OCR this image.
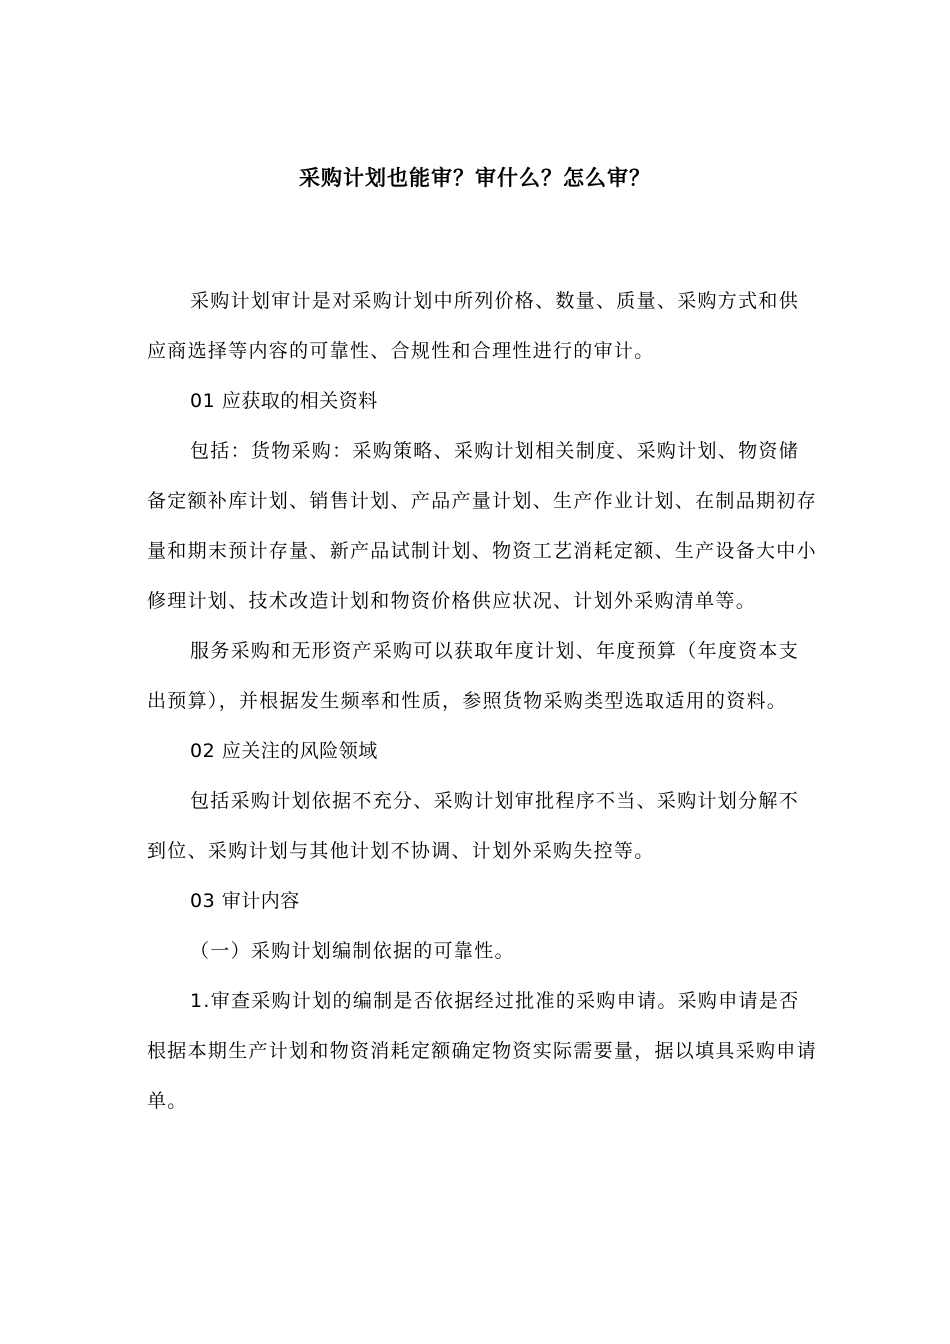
采购计划也能审？审什么？怎么审？

采购计划审计是对采购计划中所列价格、数量、质量、采购方式和供应商选择等内容的可靠性、合规性和合理性进行的审计。

01 应获取的相关资料

包括：货物采购：采购策略、采购计划相关制度、采购计划、物资储备定额补库计划、销售计划、产品产量计划、生产作业计划、在制品期初存量和期末预计存量、新产品试制计划、物资工艺消耗定额、生产设备大中小修理计划、技术改造计划和物资价格供应状况、计划外采购清单等。

服务采购和无形资产采购可以获取年度计划、年度预算（年度资本支出预算），并根据发生频率和性质，参照货物采购类型选取适用的资料。

02 应关注的风险领域

包括采购计划依据不充分、采购计划审批程序不当、采购计划分解不到位、采购计划与其他计划不协调、计划外采购失控等。

03 审计内容

（一）采购计划编制依据的可靠性。

1.审查采购计划的编制是否依据经过批准的采购申请。采购申请是否根据本期生产计划和物资消耗定额确定物资实际需要量，据以填具采购申请单。
